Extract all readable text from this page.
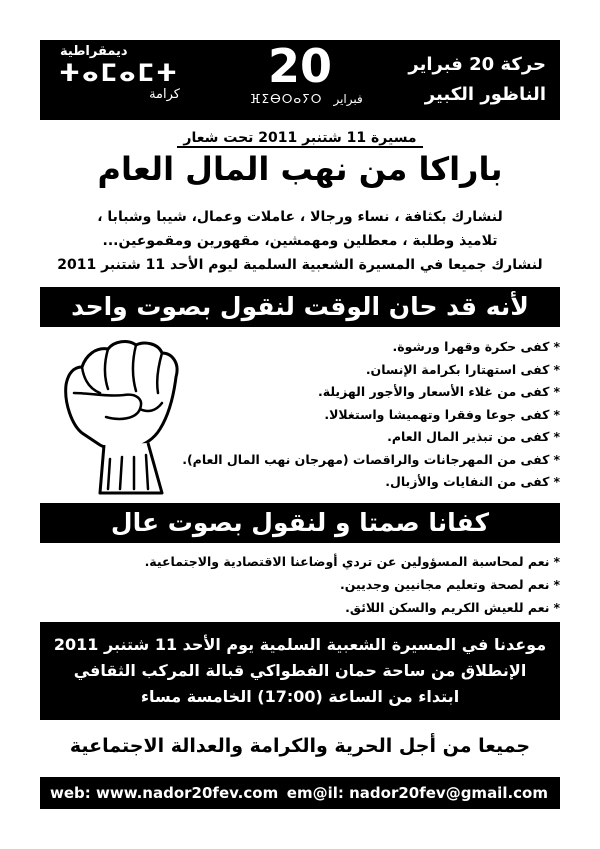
حركة 20 فبراير
الناظور الكبير
20
ⴼⵉⴱⵔⴰⵢⵔ فبراير
ديمقراطية
ⵜⴰⵎⴰⵎⵜ
كرامة
مسيرة 11 شتنبر 2011 تحت شعار
باراكا من نهب المال العام
لنشارك بكثافة ، نساء ورجالا ، عاملات وعمال، شيبا وشبابا ،
تلاميذ وطلبة ، معطلين ومهمشين، مقهورين ومقموعين...
لنشارك جميعا في المسيرة الشعبية السلمية ليوم الأحد 11 شتنبر 2011
لأنه قد حان الوقت لنقول بصوت واحد
*كفى حكرة وقهرا ورشوة.
*كفى استهتارا بكرامة الإنسان.
*كفى من غلاء الأسعار والأجور الهزيلة.
*كفى جوعا وفقرا وتهميشا واستغلالا.
*كفى من تبذير المال العام.
*كفى من المهرجانات والراقصات (مهرجان نهب المال العام).
*كفى من النفايات والأزبال.
كفانا صمتا و لنقول بصوت عال
*نعم لمحاسبة المسؤولين عن تردي أوضاعنا الاقتصادية والاجتماعية.
*نعم لصحة وتعليم مجانيين وجديين.
*نعم للعيش الكريم والسكن اللائق.
موعدنا في المسيرة الشعبية السلمية يوم الأحد 11 شتنبر 2011
الإنطلاق من ساحة حمان الفطواكي قبالة المركب الثقافي
ابتداء من الساعة (17:00) الخامسة مساء
جميعا من أجل الحرية والكرامة والعدالة الاجتماعية
web: www.nador20fev.com em@il: nador20fev@gmail.com
